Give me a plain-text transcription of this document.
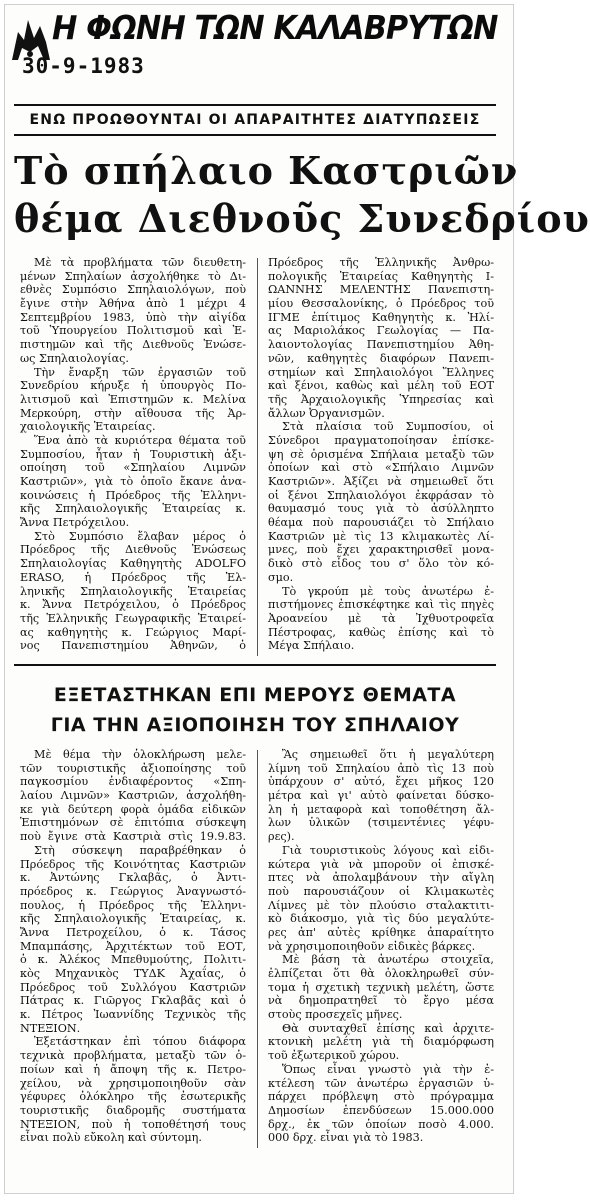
Η ΦΩΝΗ ΤΩΝ ΚΑΛΑΒΡΥΤΩΝ
30-9-1983
ΕΝΩ ΠΡΟΩΘΟΥΝΤΑΙ ΟΙ ΑΠΑΡΑΙΤΗΤΕΣ ΔΙΑΤΥΠΩΣΕΙΣ
Τὸ σπήλαιο Καστριῶν
θέμα Διεθνοῦς Συνεδρίου
Μὲ τὰ προβλήματα τῶν διευθετη-
μένων Σπηλαίων ἀσχολήθηκε τὸ Δι-
εθνὲς Συμπόσιο Σπηλαιολόγων, ποὺ
ἔγινε στὴν Ἀθήνα ἀπὸ 1 μέχρι 4
Σεπτεμβρίου 1983, ὑπὸ τὴν αἰγίδα
τοῦ Ὑπουργείου Πολιτισμοῦ καὶ Ἐ-
πιστημῶν καὶ τῆς Διεθνοῦς Ἑνώσε-
ως Σπηλαιολογίας.
Τὴν ἔναρξη τῶν ἐργασιῶν τοῦ
Συνεδρίου κήρυξε ἡ ὑπουργὸς Πο-
λιτισμοῦ καὶ Ἐπιστημῶν κ. Μελίνα
Μερκούρη, στὴν αἴθουσα τῆς Ἀρ-
χαιολογικῆς Ἑταιρείας.
Ἕνα ἀπὸ τὰ κυριότερα θέματα τοῦ
Συμποσίου, ἦταν ἡ Τουριστικὴ ἀξι-
οποίηση τοῦ «Σπηλαίου Λιμνῶν
Καστριῶν», γιὰ τὸ ὁποῖο ἔκανε ἀνα-
κοινώσεις ἡ Πρόεδρος τῆς Ἑλληνι-
κῆς Σπηλαιολογικῆς Ἑταιρείας κ.
Ἄννα Πετρόχειλου.
Στὸ Συμπόσιο ἔλαβαν μέρος ὁ
Πρόεδρος τῆς Διεθνοῦς Ἑνώσεως
Σπηλαιολογίας Καθηγητὴς ADOLFO
ERASO, ἡ Πρόεδρος τῆς Ἑλ-
ληνικῆς Σπηλαιολογικῆς Ἑταιρείας
κ. Ἄννα Πετρόχειλου, ὁ Πρόεδρος
τῆς Ἑλληνικῆς Γεωγραφικῆς Ἑταιρεί-
ας καθηγητὴς κ. Γεώργιος Μαρί-
νος Πανεπιστημίου Ἀθηνῶν, ὁ
Πρόεδρος τῆς Ἑλληνικῆς Ἀνθρω-
πολογικῆς Ἑταιρείας Καθηγητὴς Ι-
ΩΑΝΝΗΣ ΜΕΛΕΝΤΗΣ Πανεπιστη-
μίου Θεσσαλονίκης, ὁ Πρόεδρος τοῦ
ΙΓΜΕ ἐπίτιμος Καθηγητὴς κ. Ἠλί-
ας Μαριολάκος Γεωλογίας — Πα-
λαιοντολογίας Πανεπιστημίου Ἀθη-
νῶν, καθηγητὲς διαφόρων Πανεπι-
στημίων καὶ Σπηλαιολόγοι Ἕλληνες
καὶ ξένοι, καθὼς καὶ μέλη τοῦ ΕΟΤ
τῆς Ἀρχαιολογικῆς Ὑπηρεσίας καὶ
ἄλλων Ὀργανισμῶν.
Στὰ πλαίσια τοῦ Συμποσίου, οἱ
Σύνεδροι πραγματοποίησαν ἐπίσκε-
ψη σὲ ὁρισμένα Σπήλαια μεταξὺ τῶν
ὁποίων καὶ στὸ «Σπήλαιο Λιμνῶν
Καστριῶν». Ἀξίζει νὰ σημειωθεῖ ὅτι
οἱ ξένοι Σπηλαιολόγοι ἐκφράσαν τὸ
θαυμασμό τους γιὰ τὸ ἀσύλληπτο
θέαμα ποὺ παρουσιάζει τὸ Σπήλαιο
Καστριῶν μὲ τὶς 13 κλιμακωτὲς Λί-
μνες, ποὺ ἔχει χαρακτηρισθεῖ μονα-
δικὸ στὸ εἶδος του σ' ὅλο τὸν κό-
σμο.
Τὸ γκρούπ μὲ τοὺς ἀνωτέρω ἐ-
πιστήμονες ἐπισκέφτηκε καὶ τὶς πηγὲς
Ἀροανείου μὲ τὰ Ἰχθυοτροφεῖα
Πέστροφας, καθὼς ἐπίσης καὶ τὸ
Μέγα Σπήλαιο.
ΕΞΕΤΑΣΤΗΚΑΝ ΕΠΙ ΜΕΡΟΥΣ ΘΕΜΑΤΑ
ΓΙΑ ΤΗΝ ΑΞΙΟΠΟΙΗΣΗ ΤΟΥ ΣΠΗΛΑΙΟΥ
Μὲ θέμα τὴν ὁλοκλήρωση μελε-
τῶν τουριστικῆς ἀξιοποίησης τοῦ
παγκοσμίου ἐνδιαφέροντος «Σπη-
λαίου Λιμνῶν» Καστριῶν, ἀσχολήθη-
κε γιὰ δεύτερη φορὰ ὁμάδα εἰδικῶν
Ἐπιστημόνων σὲ ἐπιτόπια σύσκεψη
ποὺ ἔγινε στὰ Καστριὰ στὶς 19.9.83.
Στὴ σύσκεψη παραβρέθηκαν ὁ
Πρόεδρος τῆς Κοινότητας Καστριῶν
κ. Ἀντώνης Γκλαβᾶς, ὁ Ἀντι-
πρόεδρος κ. Γεώργιος Ἀναγνωστό-
πουλος, ἡ Πρόεδρος τῆς Ἑλληνι-
κῆς Σπηλαιολογικῆς Ἑταιρείας, κ.
Ἄννα Πετροχείλου, ὁ κ. Τάσος
Μπαμπάσης, Ἀρχιτέκτων τοῦ ΕΟΤ,
ὁ κ. Ἀλέκος Μπεθυμούτης, Πολιτι-
κὸς Μηχανικὸς ΤΥΔΚ Ἀχαΐας, ὁ
Πρόεδρος τοῦ Συλλόγου Καστριῶν
Πάτρας κ. Γιῶργος Γκλαβᾶς καὶ ὁ
κ. Πέτρος Ἰωαννίδης Τεχνικὸς τῆς
ΝΤΕΞΙΟΝ.
Ἐξετάστηκαν ἐπὶ τόπου διάφορα
τεχνικὰ προβλήματα, μεταξὺ τῶν ὁ-
ποίων καὶ ἡ ἄποψη τῆς κ. Πετρο-
χείλου, νὰ χρησιμοποιηθοῦν σὰν
γέφυρες ὁλόκληρο τῆς ἐσωτερικῆς
τουριστικῆς διαδρομῆς συστήματα
ΝΤΕΞΙΟΝ, ποὺ ἡ τοποθέτησή τους
εἶναι πολὺ εὔκολη καὶ σύντομη.
Ἂς σημειωθεῖ ὅτι ἡ μεγαλύτερη
λίμνη τοῦ Σπηλαίου ἀπὸ τὶς 13 ποὺ
ὑπάρχουν σ' αὐτό, ἔχει μῆκος 120
μέτρα καὶ γι' αὐτὸ φαίνεται δύσκο-
λη ἡ μεταφορὰ καὶ τοποθέτηση ἄλ-
λων ὑλικῶν (τσιμεντένιες γέφυ-
ρες).
Γιὰ τουριστικοὺς λόγους καὶ εἰδι-
κώτερα γιὰ νὰ μποροῦν οἱ ἐπισκέ-
πτες νὰ ἀπολαμβάνουν τὴν αἴγλη
ποὺ παρουσιάζουν οἱ Κλιμακωτὲς
Λίμνες μὲ τὸν πλούσιο σταλακτιτι-
κὸ διάκοσμο, γιὰ τὶς δύο μεγαλύτε-
ρες ἀπ' αὐτὲς κρίθηκε ἀπαραίτητο
νὰ χρησιμοποιηθοῦν εἰδικὲς βάρκες.
Μὲ βάση τὰ ἀνωτέρω στοιχεῖα,
ἐλπίζεται ὅτι θὰ ὁλοκληρωθεῖ σύν-
τομα ἡ σχετικὴ τεχνικὴ μελέτη, ὥστε
νὰ δημοπρατηθεῖ τὸ ἔργο μέσα
στοὺς προσεχεῖς μῆνες.
Θὰ συνταχθεῖ ἐπίσης καὶ ἀρχιτε-
κτονικὴ μελέτη γιὰ τὴ διαμόρφωση
τοῦ ἐξωτερικοῦ χώρου.
Ὅπως εἶναι γνωστὸ γιὰ τὴν ἐ-
κτέλεση τῶν ἀνωτέρω ἐργασιῶν ὑ-
πάρχει πρόβλεψη στὸ πρόγραμμα
Δημοσίων ἐπενδύσεων 15.000.000
δρχ., ἐκ τῶν ὁποίων ποσὸ 4.000.
000 δρχ. εἶναι γιὰ τὸ 1983.
